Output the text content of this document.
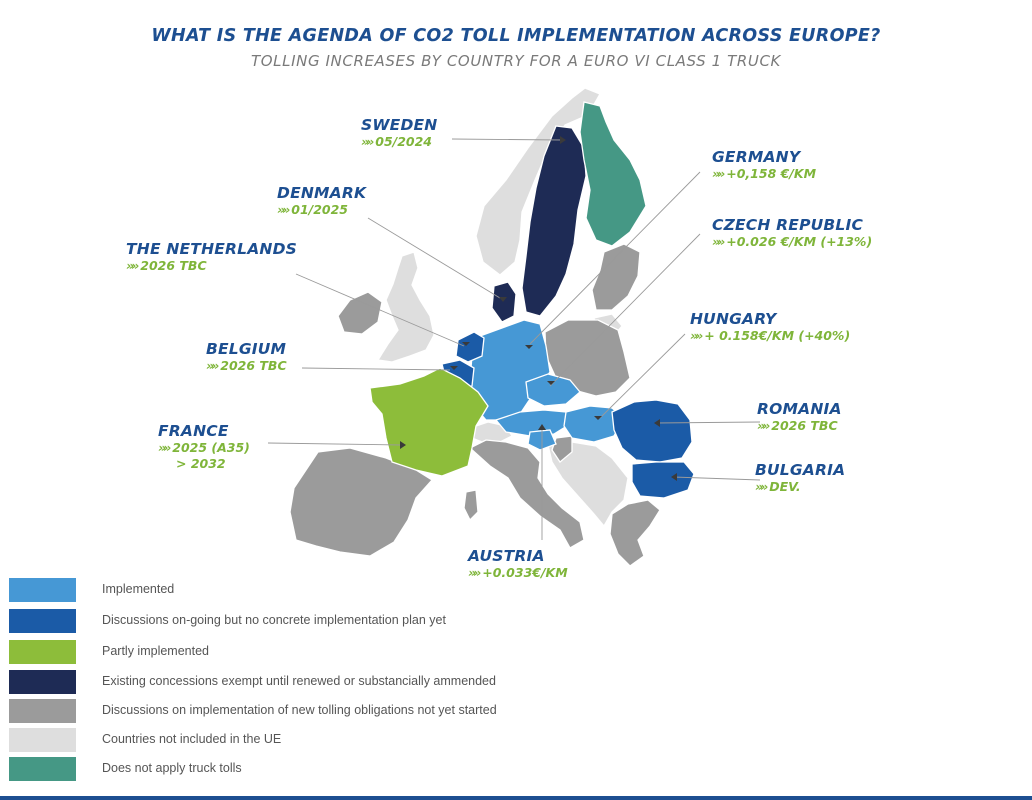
WHAT IS THE AGENDA OF CO2 TOLL IMPLEMENTATION ACROSS EUROPE?
TOLLING INCREASES BY COUNTRY FOR A EURO VI CLASS 1 TRUCK
SWEDEN
»» 05/2024
DENMARK
»» 01/2025
THE NETHERLANDS
»» 2026 TBC
BELGIUM
»» 2026 TBC
FRANCE
»» 2025 (A35)
> 2032
GERMANY
»» +0,158 €/KM
CZECH REPUBLIC
»» +0.026 €/KM (+13%)
HUNGARY
»» + 0.158€/KM (+40%)
ROMANIA
»» 2026 TBC
BULGARIA
»» DEV.
AUSTRIA
»» +0.033€/KM
Implemented
Discussions on-going but no concrete implementation plan yet
Partly implemented
Existing concessions exempt until renewed or substancially ammended
Discussions on implementation of new tolling obligations not yet started
Countries not included in the UE
Does not apply truck tolls
